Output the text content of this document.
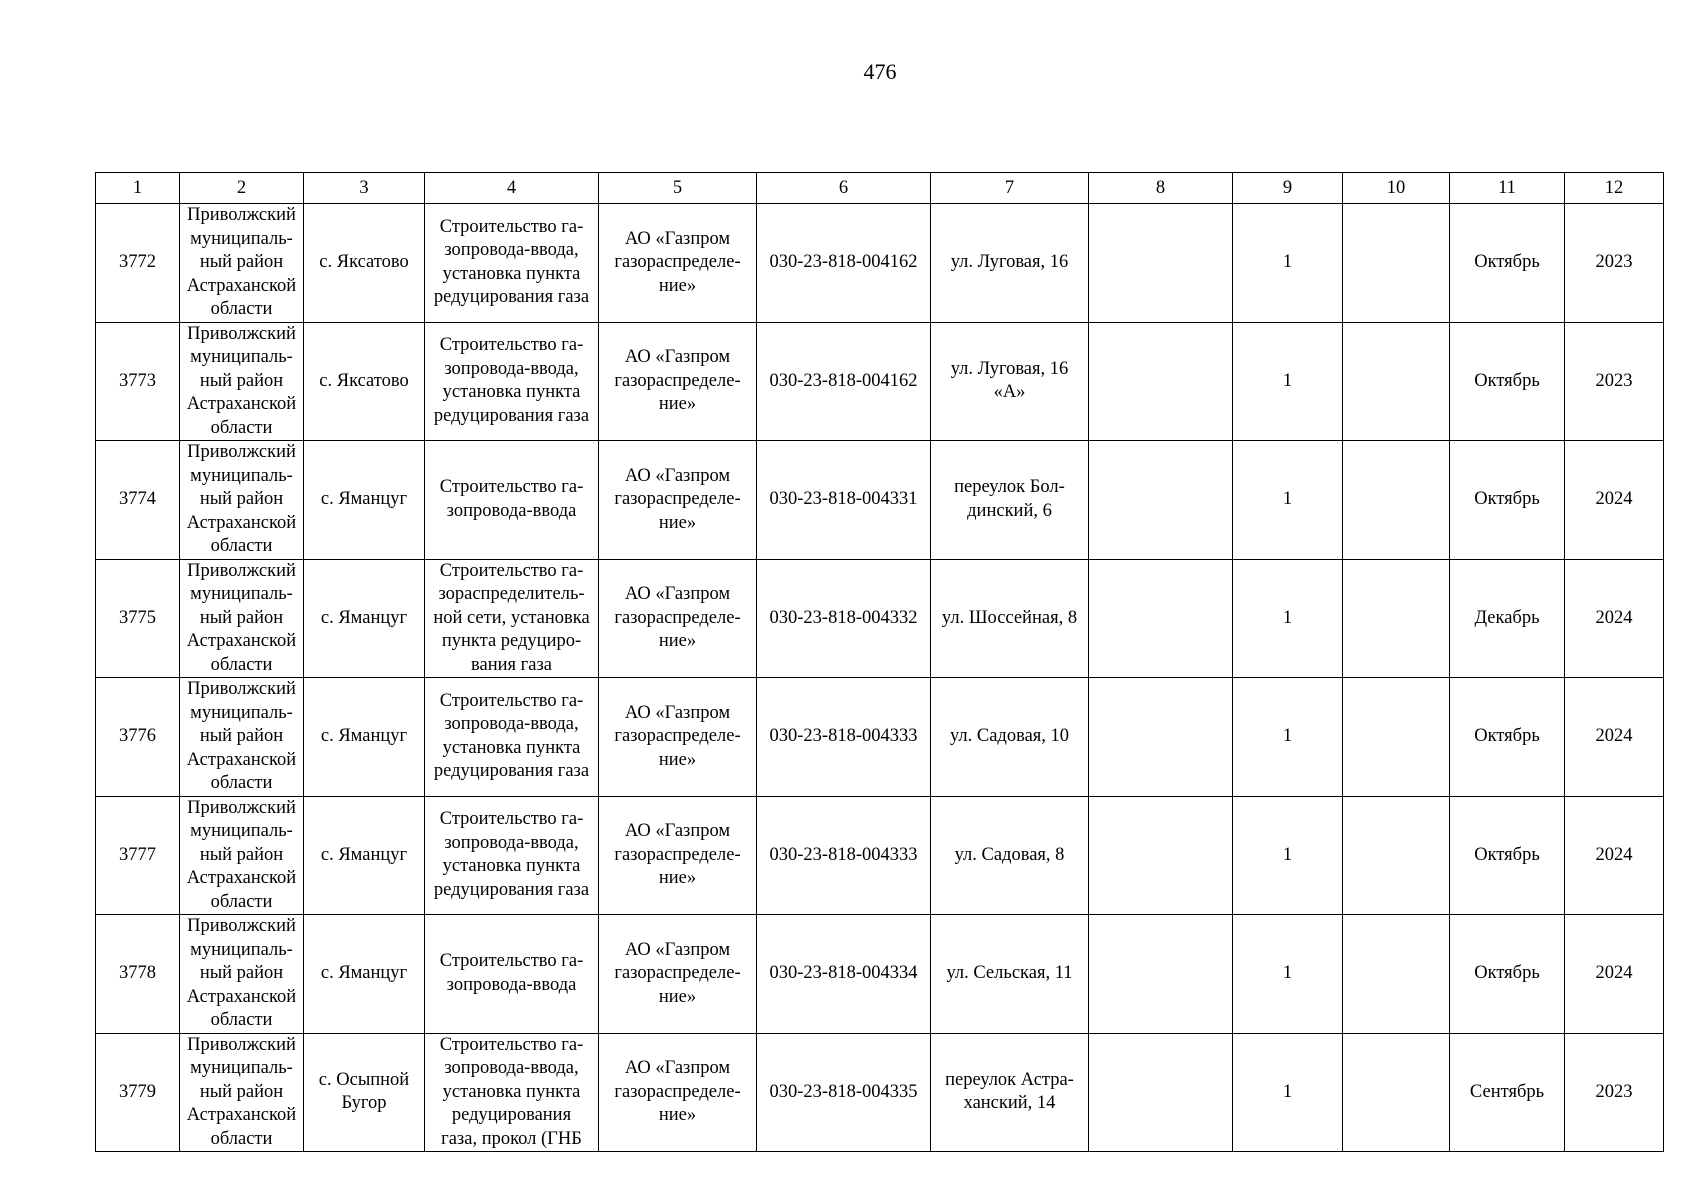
476
1	2	3	4	5	6	7	8	9	10	11	12
3772	Приволжский
муниципаль-
ный район
Астраханской
области	с. Яксатово	Строительство га-
зопровода-ввода,
установка пункта
редуцирования газа	АО «Газпром
газораспределе-
ние»	030-23-818-004162	ул. Луговая, 16		1		Октябрь	2023
3773	Приволжский
муниципаль-
ный район
Астраханской
области	с. Яксатово	Строительство га-
зопровода-ввода,
установка пункта
редуцирования газа	АО «Газпром
газораспределе-
ние»	030-23-818-004162	ул. Луговая, 16
«А»		1		Октябрь	2023
3774	Приволжский
муниципаль-
ный район
Астраханской
области	с. Яманцуг	Строительство га-
зопровода-ввода	АО «Газпром
газораспределе-
ние»	030-23-818-004331	переулок Бол-
динский, 6		1		Октябрь	2024
3775	Приволжский
муниципаль-
ный район
Астраханской
области	с. Яманцуг	Строительство га-
зораспределитель-
ной сети, установка
пункта редуциро-
вания газа	АО «Газпром
газораспределе-
ние»	030-23-818-004332	ул. Шоссейная, 8		1		Декабрь	2024
3776	Приволжский
муниципаль-
ный район
Астраханской
области	с. Яманцуг	Строительство га-
зопровода-ввода,
установка пункта
редуцирования газа	АО «Газпром
газораспределе-
ние»	030-23-818-004333	ул. Садовая, 10		1		Октябрь	2024
3777	Приволжский
муниципаль-
ный район
Астраханской
области	с. Яманцуг	Строительство га-
зопровода-ввода,
установка пункта
редуцирования газа	АО «Газпром
газораспределе-
ние»	030-23-818-004333	ул. Садовая, 8		1		Октябрь	2024
3778	Приволжский
муниципаль-
ный район
Астраханской
области	с. Яманцуг	Строительство га-
зопровода-ввода	АО «Газпром
газораспределе-
ние»	030-23-818-004334	ул. Сельская, 11		1		Октябрь	2024
3779	Приволжский
муниципаль-
ный район
Астраханской
области	с. Осыпной
Бугор	Строительство га-
зопровода-ввода,
установка пункта
редуцирования
газа, прокол (ГНБ	АО «Газпром
газораспределе-
ние»	030-23-818-004335	переулок Астра-
ханский, 14		1		Сентябрь	2023
